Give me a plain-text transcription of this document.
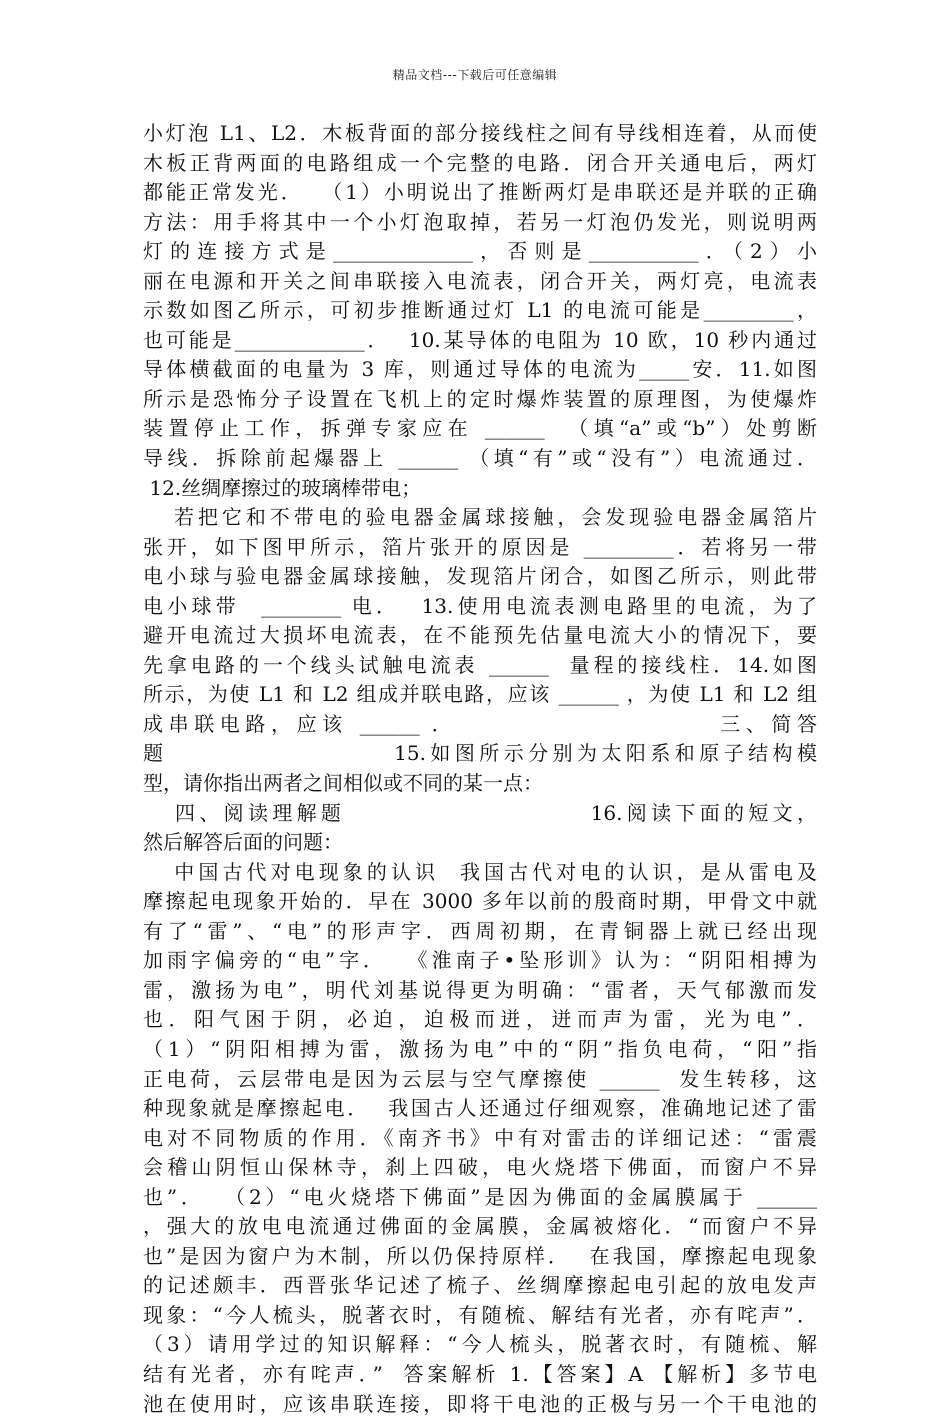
精品文档---下载后可任意编辑
小灯泡 L1、L2．木板背面的部分接线柱之间有导线相连着，从而使
木板正背两面的电路组成一个完整的电路．闭合开关通电后，两灯
都能正常发光．  （1）小明说出了推断两灯是串联还是并联的正确
方法：用手将其中一个小灯泡取掉，若另一灯泡仍发光，则说明两
灯的连接方式是______________，否则是___________．（2）小
丽在电源和开关之间串联接入电流表，闭合开关，两灯亮，电流表
示数如图乙所示，可初步推断通过灯 L1 的电流可能是_________，
也可能是_____________．  10.某导体的电阻为 10 欧，10 秒内通过
导体横截面的电量为 3 库，则通过导体的电流为_____安．11.如图
所示是恐怖分子设置在飞机上的定时爆炸装置的原理图，为使爆炸
装置停止工作，拆弹专家应在 ______  （填“a”或“b”）处剪断
导线．拆除前起爆器上 ______ （填“有”或“没有”）电流通过．
12.丝绸摩擦过的玻璃棒带电；
若把它和不带电的验电器金属球接触，会发现验电器金属箔片
张开，如下图甲所示，箔片张开的原因是 _________．若将另一带
电小球与验电器金属球接触，发现箔片闭合，如图乙所示，则此带
电小球带  ________ 电．  13.使用电流表测电路里的电流，为了
避开电流过大损坏电流表，在不能预先估量电流大小的情况下，要
先拿电路的一个线头试触电流表 ______  量程的接线柱．14.如图
所示，为使 L1 和 L2 组成并联电路，应该 ______ ，为使 L1 和 L2 组
成串联电路，应该 ______ ．                      三、简答
题                     15.如图所示分别为太阳系和原子结构模
型，请你指出两者之间相似或不同的某一点：
四、阅读理解题                       16.阅读下面的短文，
然后解答后面的问题：
中国古代对电现象的认识  我国古代对电的认识，是从雷电及
摩擦起电现象开始的．早在 3000 多年以前的殷商时期，甲骨文中就
有了“雷”、“电”的形声字．西周初期，在青铜器上就已经出现
加雨字偏旁的“电”字．  《淮南子•坠形训》认为：“阴阳相搏为
雷，激扬为电”，明代刘基说得更为明确：“雷者，天气郁激而发
也．阳气困于阴，必迫，迫极而迸，迸而声为雷，光为电”．
（1）“阴阳相搏为雷，激扬为电”中的“阴”指负电荷，“阳”指
正电荷，云层带电是因为云层与空气摩擦使 ______  发生转移，这
种现象就是摩擦起电．  我国古人还通过仔细观察，准确地记述了雷
电对不同物质的作用．《南齐书》中有对雷击的详细记述：“雷震
会稽山阴恒山保林寺，刹上四破，电火烧塔下佛面，而窗户不异
也”．  （2）“电火烧塔下佛面”是因为佛面的金属膜属于 ______
，强大的放电电流通过佛面的金属膜，金属被熔化．“而窗户不异
也”是因为窗户为木制，所以仍保持原样．  在我国，摩擦起电现象
的记述颇丰．西晋张华记述了梳子、丝绸摩擦起电引起的放电发声
现象：“今人梳头，脱著衣时，有随梳、解结有光者，亦有咤声”．
（3）请用学过的知识解释：“今人梳头，脱著衣时，有随梳、解
结有光者，亦有咤声．”  答案解析 1.【答案】A 【解析】多节电
池在使用时，应该串联连接，即将干电池的正极与另一个干电池的
